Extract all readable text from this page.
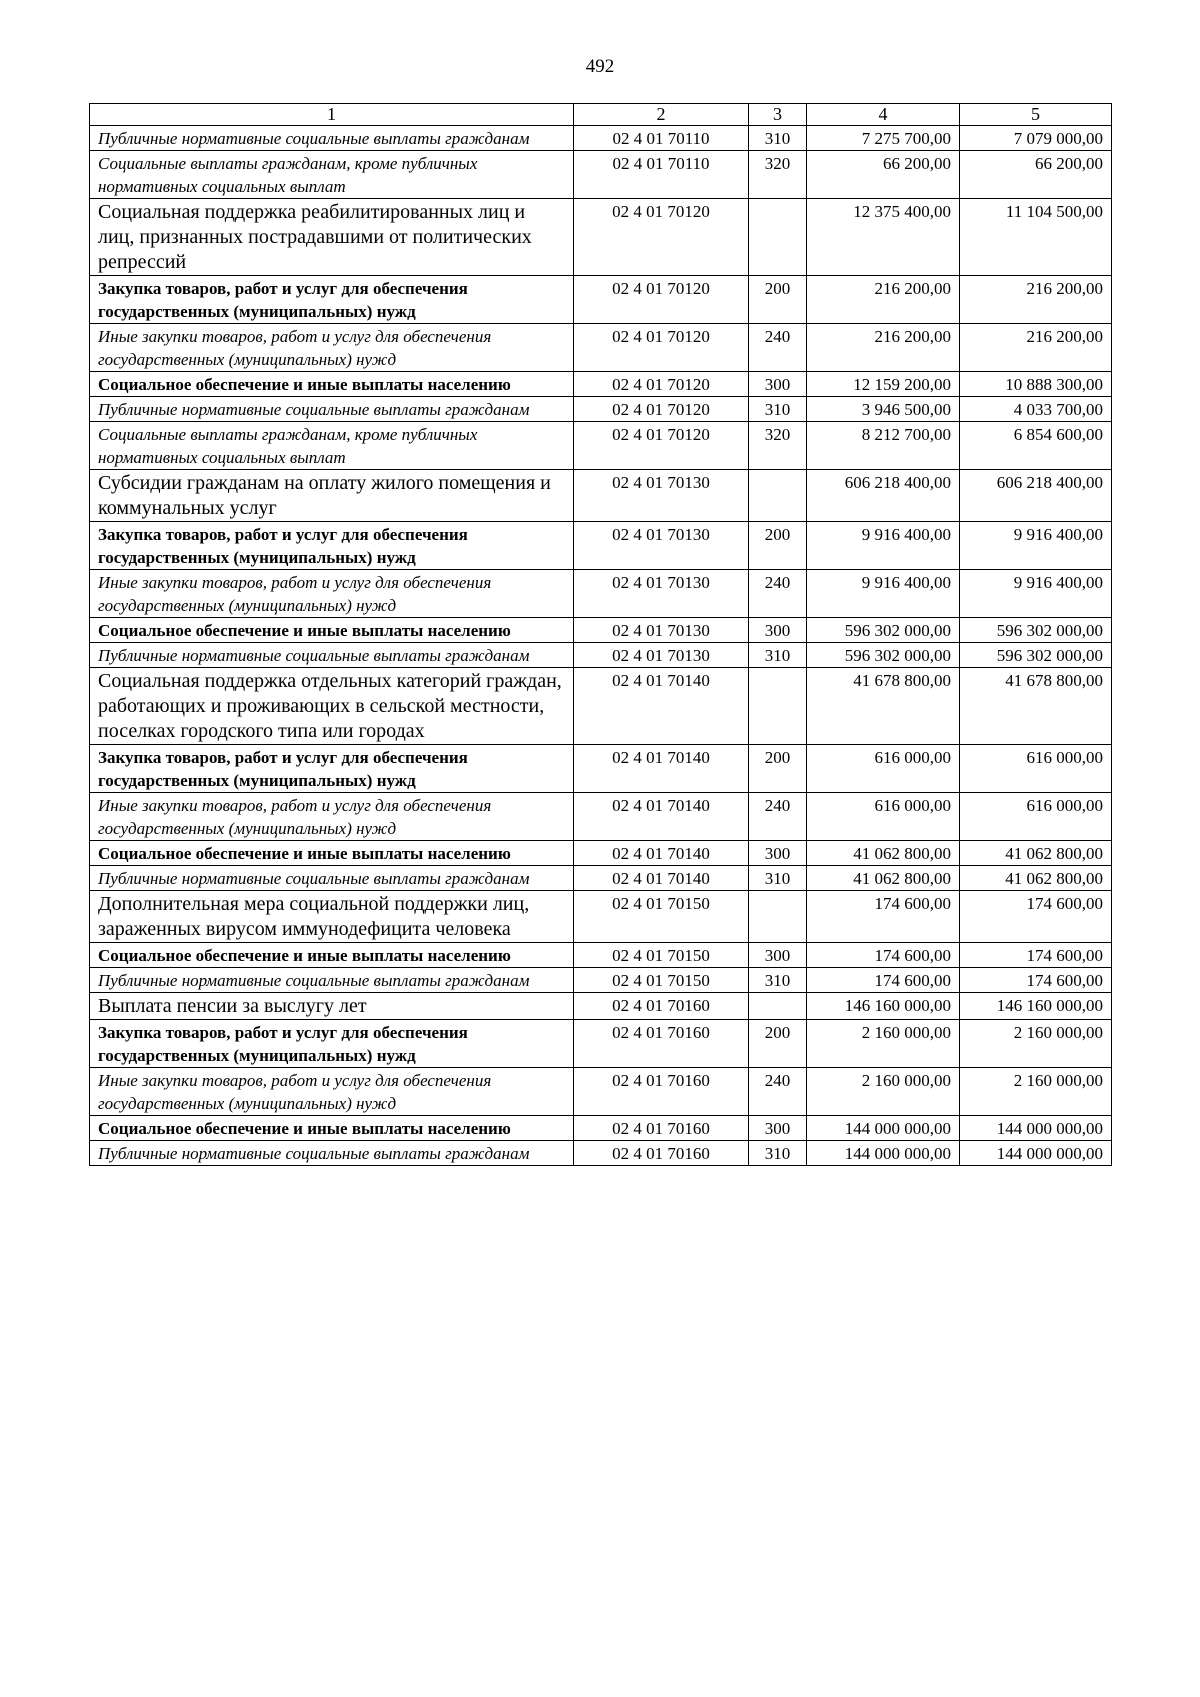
492
1	2	3	4	5
Публичные нормативные социальные выплаты гражданам	02 4 01 70110	310	7 275 700,00	7 079 000,00
Социальные выплаты гражданам, кроме публичных нормативных социальных выплат	02 4 01 70110	320	66 200,00	66 200,00
Социальная поддержка реабилитированных лиц и лиц, признанных пострадавшими от политических репрессий	02 4 01 70120		12 375 400,00	11 104 500,00
Закупка товаров, работ и услуг для обеспечения государственных (муниципальных) нужд	02 4 01 70120	200	216 200,00	216 200,00
Иные закупки товаров, работ и услуг для обеспечения государственных (муниципальных) нужд	02 4 01 70120	240	216 200,00	216 200,00
Социальное обеспечение и иные выплаты населению	02 4 01 70120	300	12 159 200,00	10 888 300,00
Публичные нормативные социальные выплаты гражданам	02 4 01 70120	310	3 946 500,00	4 033 700,00
Социальные выплаты гражданам, кроме публичных нормативных социальных выплат	02 4 01 70120	320	8 212 700,00	6 854 600,00
Субсидии гражданам на оплату жилого помещения и коммунальных услуг	02 4 01 70130		606 218 400,00	606 218 400,00
Закупка товаров, работ и услуг для обеспечения государственных (муниципальных) нужд	02 4 01 70130	200	9 916 400,00	9 916 400,00
Иные закупки товаров, работ и услуг для обеспечения государственных (муниципальных) нужд	02 4 01 70130	240	9 916 400,00	9 916 400,00
Социальное обеспечение и иные выплаты населению	02 4 01 70130	300	596 302 000,00	596 302 000,00
Публичные нормативные социальные выплаты гражданам	02 4 01 70130	310	596 302 000,00	596 302 000,00
Социальная поддержка отдельных категорий граждан, работающих и проживающих в сельской местности, поселках городского типа или городах	02 4 01 70140		41 678 800,00	41 678 800,00
Закупка товаров, работ и услуг для обеспечения государственных (муниципальных) нужд	02 4 01 70140	200	616 000,00	616 000,00
Иные закупки товаров, работ и услуг для обеспечения государственных (муниципальных) нужд	02 4 01 70140	240	616 000,00	616 000,00
Социальное обеспечение и иные выплаты населению	02 4 01 70140	300	41 062 800,00	41 062 800,00
Публичные нормативные социальные выплаты гражданам	02 4 01 70140	310	41 062 800,00	41 062 800,00
Дополнительная мера социальной поддержки лиц, зараженных вирусом иммунодефицита человека	02 4 01 70150		174 600,00	174 600,00
Социальное обеспечение и иные выплаты населению	02 4 01 70150	300	174 600,00	174 600,00
Публичные нормативные социальные выплаты гражданам	02 4 01 70150	310	174 600,00	174 600,00
Выплата пенсии за выслугу лет	02 4 01 70160		146 160 000,00	146 160 000,00
Закупка товаров, работ и услуг для обеспечения государственных (муниципальных) нужд	02 4 01 70160	200	2 160 000,00	2 160 000,00
Иные закупки товаров, работ и услуг для обеспечения государственных (муниципальных) нужд	02 4 01 70160	240	2 160 000,00	2 160 000,00
Социальное обеспечение и иные выплаты населению	02 4 01 70160	300	144 000 000,00	144 000 000,00
Публичные нормативные социальные выплаты гражданам	02 4 01 70160	310	144 000 000,00	144 000 000,00
